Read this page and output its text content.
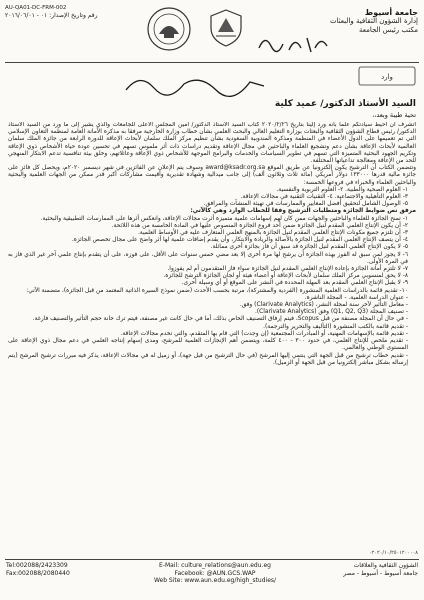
AU-QA01-DC-FRM-002
رقم وتاريخ الإصدار: ٠١ - ٢٠١٦/٠٦/٠١	جامعة أسيوط
إدارة الشؤون الثقافية والبعثات
مكتب رئيس الجامعة
وارد
السيد الأستاذ الدكتور/ عميد كلية
تحية طيبة وبعد،،

أتشرف أن أحيط سيادتكم علما بأنه ورد إلينا بتاريخ ٢٠٢٠/٢/٢٦ كتاب السيد الأستاذ الدكتور/ أمين المجلس الأعلى للجامعات والذي يشير إلى ما ورد من السيد الأستاذ الدكتور/ رئيس قطاع الشؤون الثقافية والبعثات بوزارة التعليم العالي والبحث العلمي بشأن خطاب وزارة الخارجية مرفقا به مذكرة الأمانة العامة لمنظمة التعاون الإسلامي التي تم تعميمها على الدول الأعضاء في المنظمة ومذكرة المندوبية السعودية بشأن تنظيم مركز الملك سلمان لأبحاث الإعاقة للدورة الرابعة من جائزة الملك سلمان العالمية لأبحاث الإعاقة بشأن دعم وتشجيع العلماء والباحثين في مجال الإعاقة وتقديم دراسات ذات أثر ملموس تسهم في تحسين عودة حياة الأشخاص ذوي الإعاقة وتكريم الجهود البحثية المتميزة التي تسهم في تطوير السياسات والخدمات والبرامج الموجهة للأشخاص ذوي الإعاقة وعائلاتهم، وخلق بيئة تنافسية تدعم الابتكار المنهجي للحد من الإعاقة ومعالجة تداعياتها المختلفة.

وتتضمن الكتاب أن الترشيح يكون إلكترونيا عن طريق الموقع award@ksadr.org.sa وسوف يتم الإعلان عن الفائزين في شهر ديسمبر ٢٠٢٠م، ويحصل كل فائز على جائزة مالية قدرها ١٣٣٠٠٠ دولار أمريكي (مائة ثلاث وثلاثون ألف) إلى جانب ميدالية وشهادة تقديرية وأقيمت مشاركات أكبر قدر ممكن من الجهات العلمية والبحثية والباحثين العلماء والخبراء في فروعها الخمسة:

١- العلوم الصحية والطبية. ٢- العلوم التربوية والنفسية.

٣- العلوم التأهيلية والاجتماعية. ٤- التقنيات التقنية في مجالات الإعاقة.

٥- الوصول الشامل لتحقيق أفضل المعايير والممارسات في تهيئة المنشآت والمرافق.

مرفق نص ضوابط الجائزة ومتطلبات الترشيح وفقا للخطاب الوارد وهي كالآتي:

١- تمنح الجائزة للعلماء والباحثين والجهات ممن كان لهم إسهامات علمية متميزة أثرت مجالات الإعاقة، وانعكس أثرها على الممارسات التطبيقية والبحثية.

٢- أن يكون الإنتاج العلمي المقدم لنيل الجائزة ضمن أحد فروع الجائزة المنصوص عليها في المادة الخامسة من هذه اللائحة.

٣- أن تلتزم جميع مكونات الإنتاج العلمي المقدم لنيل الجائزة بالمنهج العلمي المتعارف عليه في الأوساط العلمية.

٤- أن يتصف الإنتاج العلمي المقدم لنيل الجائزة بالأصالة والريادة والابتكار، وأن يقدم إضافات علمية لها أثر واضح على مجال تخصص الجائزة.

٥- لا يكون الإنتاج العلمي المقدم لنيل الجائزة قد سبق أن فاز بجائزة أخرى مماثلة.

٦- لا يجوز لمن سبق له الفوز بهذه الجائزة أن يرشح لها مرة أخرى إلا بعد مضي خمس سنوات على الأقل، على فوزه، على أن يتقدم بإنتاج علمي آخر غير الذي فاز به في المرة الأولى.

٧- لا تلتزم أمانة الجائزة بإعادة الإنتاج العلمي المقدم لنيل الجائزة سواء فاز المتقدمون أم لم يفوزوا.

٨- لا يحق لمنسوبي مركز الملك سلمان لأبحاث الإعاقة أو أعضاء هيئة أو لجان الجائزة الترشح للجائزة.

٩- لا يقبل الإنتاج العلمي المقدم بعد المهلة المحددة في النشر على الموقع أو أي وسيلة أخرى.

١٠- تقديم قائمة بالدراسات العلمية المنشورة (الفردية والمشتركة)، مرتبة بحسب الأحدث (ضمن نموذج السيرة الذاتية المعتمد من قبل الجائزة)، متضمنة الآتي:

- عنوان الدراسة العلمية. - المجلة الناشرة.

- معامل التأثير لآخر سنة لمجلة النشر، (Clarivate Analytics) وفق.

- تصنيف المجلة (Q1, Q2, Q3) وفق (Clarivate Analytics).

- في حال أن المجلة مصنفة من قبل Scopus، فيتم إرفاق التصنيف الخاص بذلك، أما في حال كانت غير مصنفة، فيتم ترك خانة حجم التأثير والتصنيف فارغة.

- تقديم قائمة بالكتب المنشورة (التأليف والتحرير والترجمة).

- تقديم قائمة بالإسهامات المهنية، أو المبادرات المجتمعية (إن وجدت) التي قام بها المتقدم، والتي تخدم مجالات الإعاقة.

- تقديم ملخص للإنتاج العلمي، في حدود ٣٠٠ - ٤٠٠ كلمة، ويتضمن أهم الإنجازات العلمية للمرشح، ومدى إسهام إنتاجه العلمي في دعم مجال ذوي الإعاقة على المستوى الوطني والعالمي.

- تقديم خطاب ترشيح من قبل الجهة التي ينتمي إليها المرشح (في حال الترشيح من قبل جهة)، أو زميل له في مجالات الإعاقة، يذكر فيه مبررات ترشيح المرشح (يتم إرساله بشكل مباشر إلكترونيا من قبل الجهة أو الزميل).

٠٢٠٢٠/١٠/٢٥٠١٢٠٠٠٠٨
Tel:002088/2423309
Fax:002088/2080440
E-Mail: culture_relations@aun.edu.eg
Facebook: @AUN.GCS.WAP
Web Site: www.aun.edu.eg/high_studies/
الشؤون الثقافية والعلاقات
جامعة أسيوط - أسيوط - مصر
